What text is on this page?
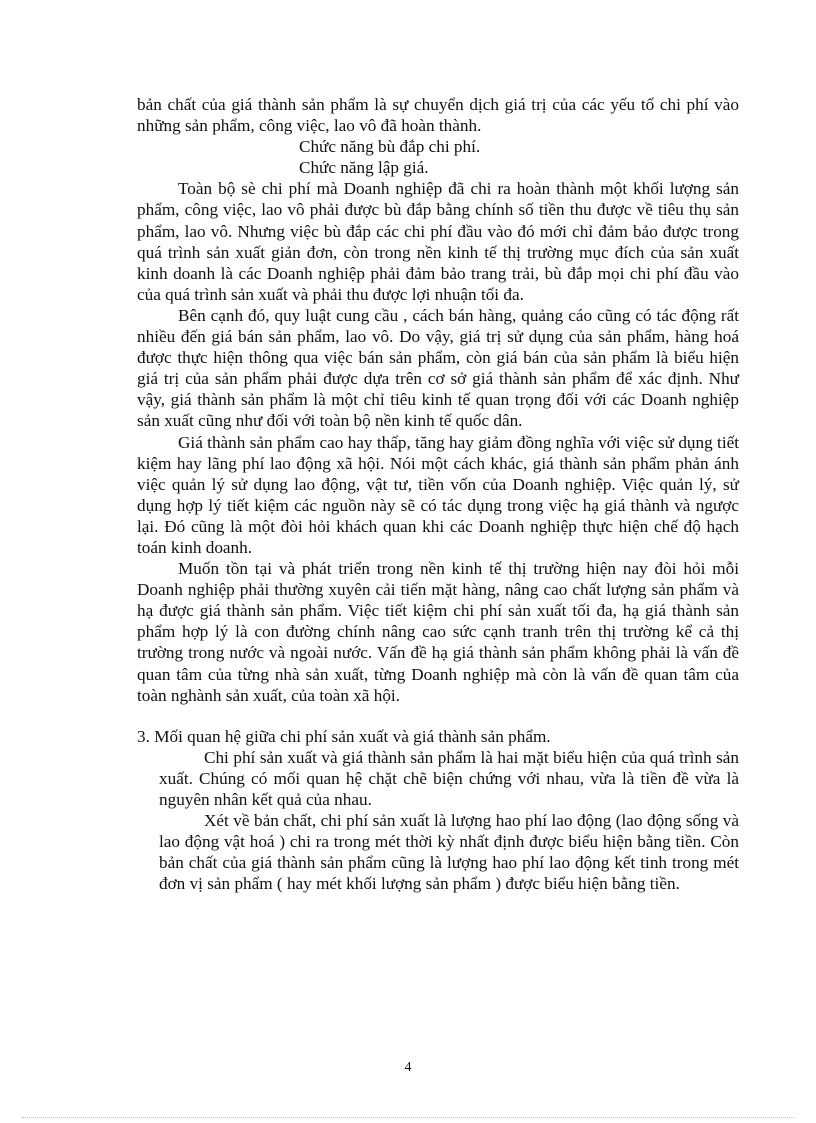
bản chất của giá thành sản phẩm là sự chuyển dịch giá trị của các yếu tố chi phí vào những sản phẩm, công việc, lao vô đã hoàn thành.

Chức năng bù đắp chi phí.

Chức năng lập giá.

Toàn bộ sè chi phí mà Doanh nghiệp đã chi ra hoàn thành một khối lượng sản phẩm, công việc, lao vô phải được bù đắp bằng chính số tiền thu được về tiêu thụ sản phẩm, lao vô. Nhưng việc bù đắp các chi phí đầu vào đó mới chỉ đảm bảo được trong quá trình sản xuất giản đơn, còn trong nền kinh tế thị trường mục đích của sản xuất kinh doanh là các Doanh nghiệp phải đảm bảo trang trải, bù đắp mọi chi phí đầu vào của quá trình sản xuất và phải thu được lợi nhuận tối đa.

Bên cạnh đó, quy luật cung cầu , cách bán hàng, quảng cáo cũng có tác động rất nhiều đến giá bán sản phẩm, lao vô. Do vậy, giá trị sử dụng của sản phẩm, hàng hoá được thực hiện thông qua việc bán sản phẩm, còn giá bán của sản phẩm là biểu hiện giá trị của sản phẩm phải được dựa trên cơ sở giá thành sản phẩm để xác định. Như vậy, giá thành sản phẩm là một chỉ tiêu kinh tế quan trọng đối với các Doanh nghiệp sản xuất cũng như đối với toàn bộ nền kinh tế quốc dân.

Giá thành sản phẩm cao hay thấp, tăng hay giảm đồng nghĩa với việc sử dụng tiết kiệm hay lãng phí lao động xã hội. Nói một cách khác, giá thành sản phẩm phản ánh việc quản lý sử dụng lao động, vật tư, tiền vốn của Doanh nghiệp. Việc quản lý, sử dụng hợp lý tiết kiệm các nguồn này sẽ có tác dụng trong việc hạ giá thành và ngược lại. Đó cũng là một đòi hỏi khách quan khi các Doanh nghiệp thực hiện chế độ hạch toán kinh doanh.

Muốn tồn tại và phát triển trong nền kinh tế thị trường hiện nay đòi hỏi mỗi Doanh nghiệp phải thường xuyên cải tiến mặt hàng, nâng cao chất lượng sản phẩm và hạ được giá thành sản phẩm. Việc tiết kiệm chi phí sản xuất tối đa, hạ giá thành sản phẩm hợp lý là con đường chính nâng cao sức cạnh tranh trên thị trường kể cả thị trường trong nước và ngoài nước. Vấn đề hạ giá thành sản phẩm không phải là vấn đề quan tâm của từng nhà sản xuất, từng Doanh nghiệp mà còn là vấn đề quan tâm của toàn nghành sản xuất, của toàn xã hội.

3. Mối quan hệ giữa chi phí sản xuất và giá thành sản phẩm.

Chi phí sản xuất và giá thành sản phẩm là hai mặt biểu hiện của quá trình sản xuất. Chúng có mối quan hệ chặt chẽ biện chứng với nhau, vừa là tiền đề vừa là nguyên nhân kết quả của nhau.

Xét về bản chất, chi phí sản xuất là lượng hao phí lao động (lao động sống và lao động vật hoá ) chi ra trong mét thời kỳ nhất định được biểu hiện bằng tiền. Còn bản chất của giá thành sản phẩm cũng là lượng hao phí lao động kết tinh trong mét đơn vị sản phẩm ( hay mét khối lượng sản phẩm ) được biểu hiện bằng tiền.

4
